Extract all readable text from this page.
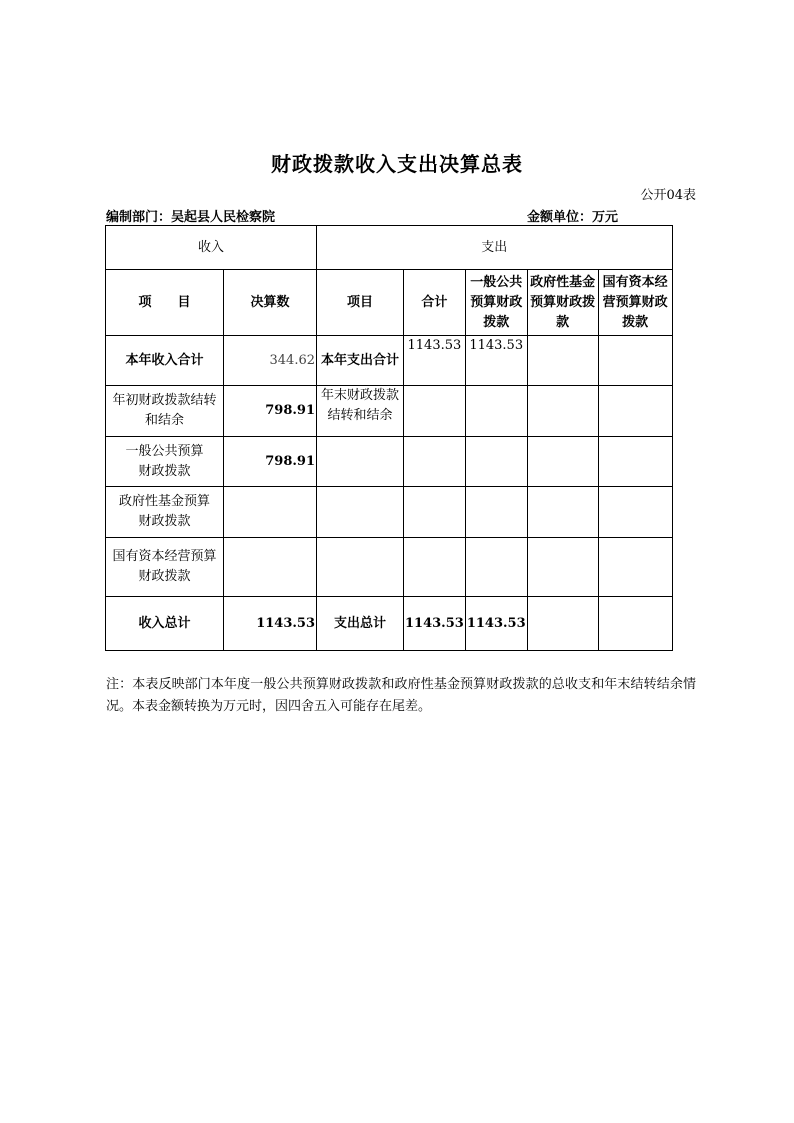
财政拨款收入支出决算总表
公开04表
编制部门：吴起县人民检察院	金额单位：万元
收入		支出				
项　　目	决算数	项目	合计	一般公共预算财政拨款	政府性基金预算财政拨款	国有资本经营预算财政拨款
本年收入合计	344.62	本年支出合计	1143.53	1143.53		
年初财政拨款结转和结余	798.91	年末财政拨款结转和结余				
一般公共预算财政拨款	798.91					
政府性基金预算财政拨款						
国有资本经营预算财政拨款						
收入总计	1143.53	支出总计	1143.53	1143.53		
注：本表反映部门本年度一般公共预算财政拨款和政府性基金预算财政拨款的总收支和年末结转结余情况。本表金额转换为万元时，因四舍五入可能存在尾差。
